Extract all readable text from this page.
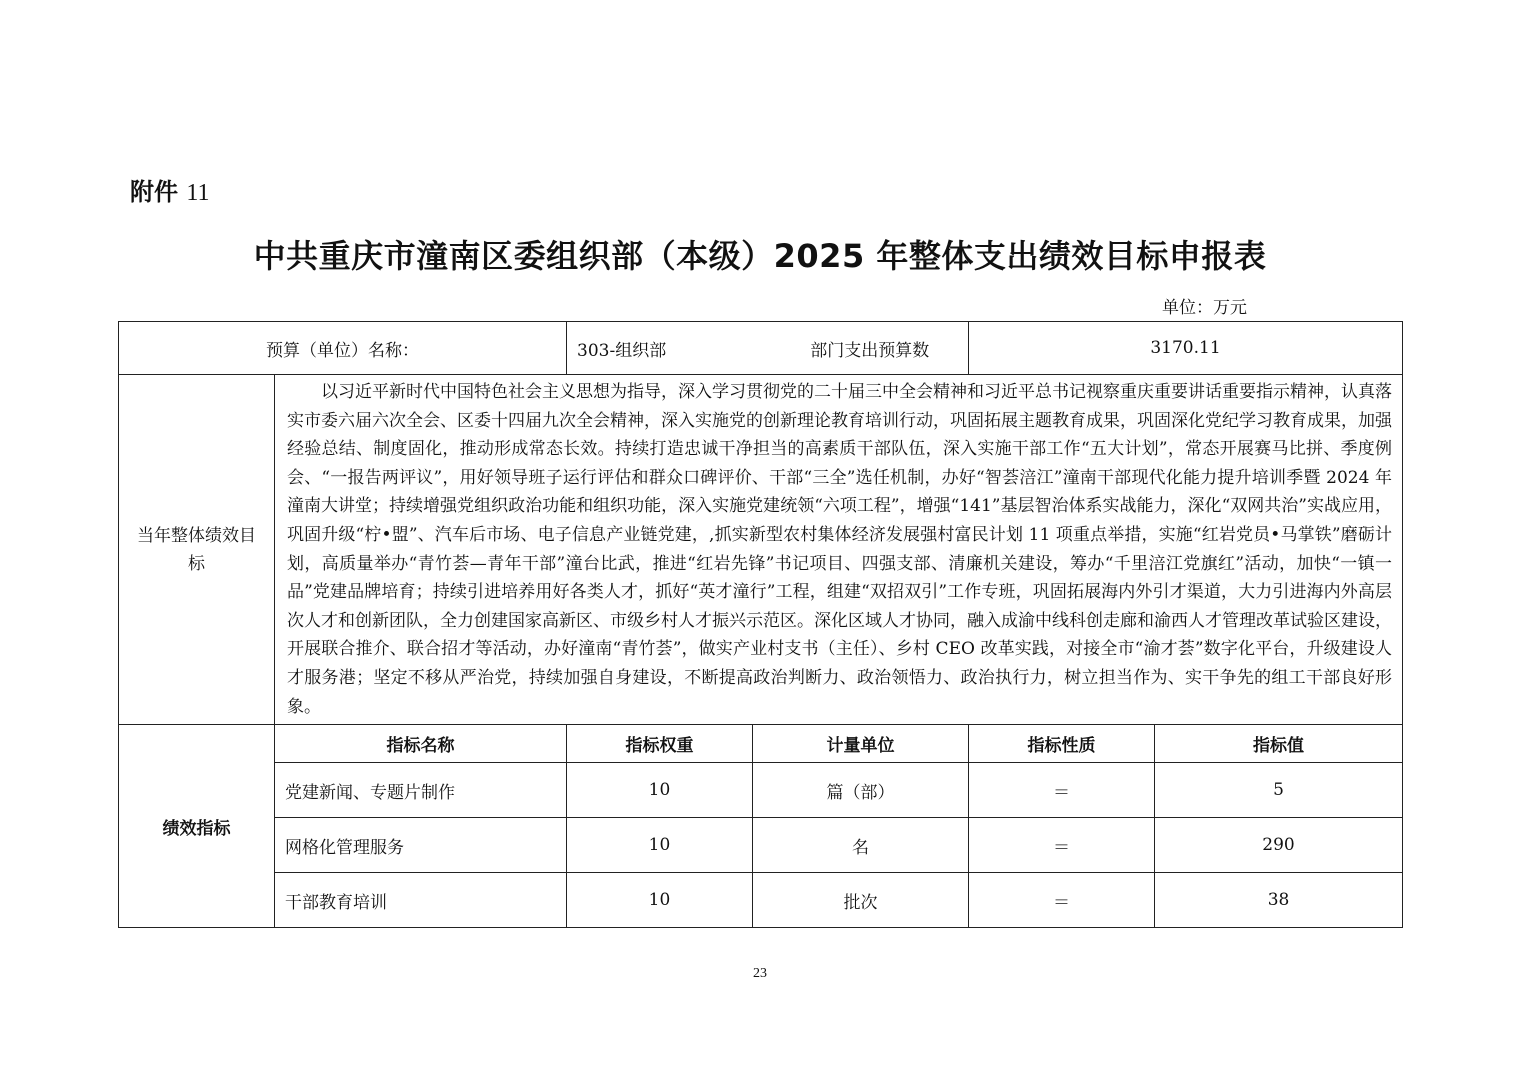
附件 11
中共重庆市潼南区委组织部（本级）2025 年整体支出绩效目标申报表
单位：万元
预算（单位）名称：		303-组织部 部门支出预算数		3170.11	
当年整体绩效目标	以习近平新时代中国特色社会主义思想为指导，深入学习贯彻党的二十届三中全会精神和习近平总书记视察重庆重要讲话重要指示精神，认真落实市委六届六次全会、区委十四届九次全会精神，深入实施党的创新理论教育培训行动，巩固拓展主题教育成果，巩固深化党纪学习教育成果，加强经验总结、制度固化，推动形成常态长效。持续打造忠诚干净担当的高素质干部队伍，深入实施干部工作“五大计划”，常态开展赛马比拼、季度例会、“一报告两评议”，用好领导班子运行评估和群众口碑评价、干部“三全”选任机制，办好“智荟涪江”潼南干部现代化能力提升培训季暨 2024 年潼南大讲堂；持续增强党组织政治功能和组织功能，深入实施党建统领“六项工程”，增强“141”基层智治体系实战能力，深化“双网共治”实战应用，巩固升级“柠•盟”、汽车后市场、电子信息产业链党建，,抓实新型农村集体经济发展强村富民计划 11 项重点举措，实施“红岩党员•马掌铁”磨砺计划，高质量举办“青竹荟—青年干部”潼台比武，推进“红岩先锋”书记项目、四强支部、清廉机关建设，筹办“千里涪江党旗红”活动，加快“一镇一品”党建品牌培育；持续引进培养用好各类人才，抓好“英才潼行”工程，组建“双招双引”工作专班，巩固拓展海内外引才渠道，大力引进海内外高层次人才和创新团队，全力创建国家高新区、市级乡村人才振兴示范区。深化区域人才协同，融入成渝中线科创走廊和渝西人才管理改革试验区建设，开展联合推介、联合招才等活动，办好潼南“青竹荟”，做实产业村支书（主任）、乡村 CEO 改革实践，对接全市“渝才荟”数字化平台，升级建设人才服务港；坚定不移从严治党，持续加强自身建设，不断提高政治判断力、政治领悟力、政治执行力，树立担当作为、实干争先的组工干部良好形象。				
绩效指标	指标名称	指标权重	计量单位	指标性质	指标值
	党建新闻、专题片制作	10	篇（部）	＝	5
	网格化管理服务	10	名	＝	290
	干部教育培训	10	批次	＝	38
23
